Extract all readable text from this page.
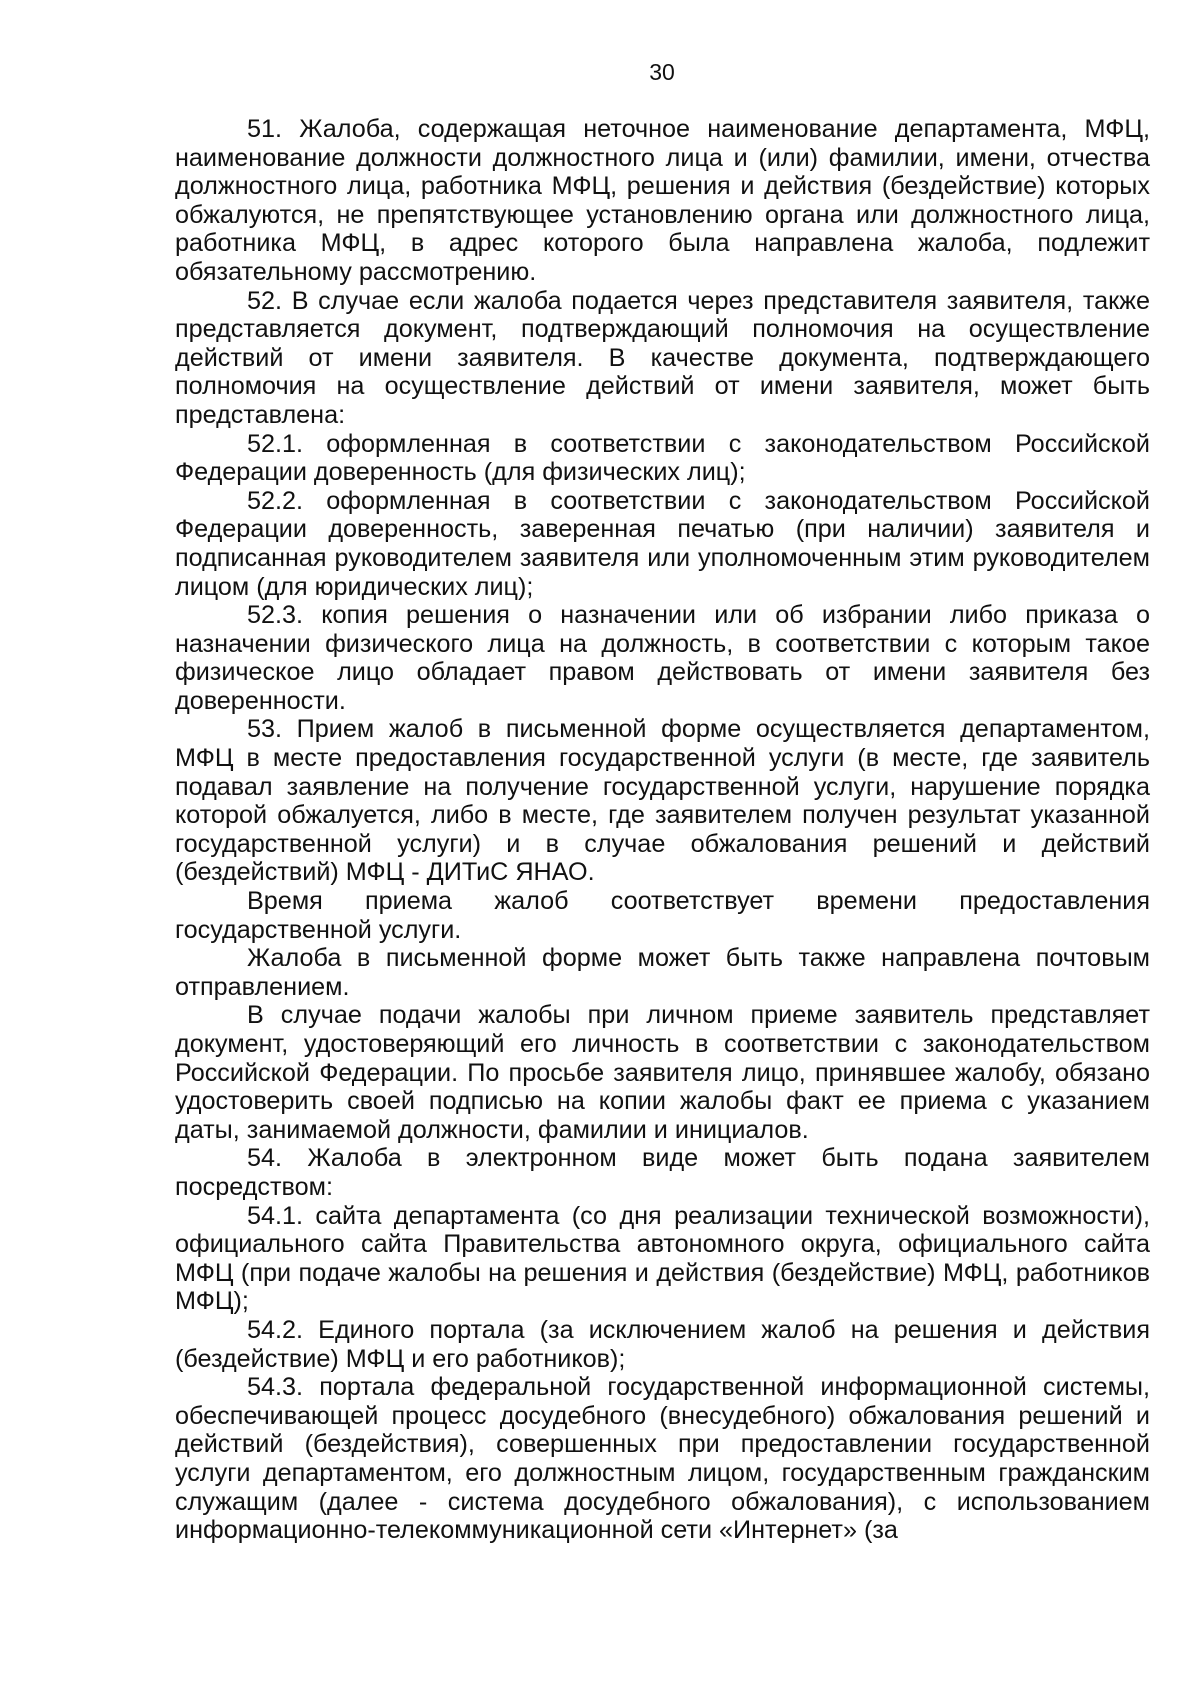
30

51. Жалоба, содержащая неточное наименование департамента, МФЦ, наименование должности должностного лица и (или) фамилии, имени, отчества должностного лица, работника МФЦ, решения и действия (бездействие) которых обжалуются, не препятствующее установлению органа или должностного лица, работника МФЦ, в адрес которого была направлена жалоба, подлежит обязательному рассмотрению.

52. В случае если жалоба подается через представителя заявителя, также представляется документ, подтверждающий полномочия на осуществление действий от имени заявителя. В качестве документа, подтверждающего полномочия на осуществление действий от имени заявителя, может быть представлена:

52.1. оформленная в соответствии с законодательством Российской Федерации доверенность (для физических лиц);

52.2. оформленная в соответствии с законодательством Российской Федерации доверенность, заверенная печатью (при наличии) заявителя и подписанная руководителем заявителя или уполномоченным этим руководителем лицом (для юридических лиц);

52.3. копия решения о назначении или об избрании либо приказа о назначении физического лица на должность, в соответствии с которым такое физическое лицо обладает правом действовать от имени заявителя без доверенности.

53. Прием жалоб в письменной форме осуществляется департаментом, МФЦ в месте предоставления государственной услуги (в месте, где заявитель подавал заявление на получение государственной услуги, нарушение порядка которой обжалуется, либо в месте, где заявителем получен результат указанной государственной услуги) и в случае обжалования решений и действий (бездействий) МФЦ - ДИТиС ЯНАО.

Время приема жалоб соответствует времени предоставления государственной услуги.

Жалоба в письменной форме может быть также направлена почтовым отправлением.

В случае подачи жалобы при личном приеме заявитель представляет документ, удостоверяющий его личность в соответствии с законодательством Российской Федерации. По просьбе заявителя лицо, принявшее жалобу, обязано удостоверить своей подписью на копии жалобы факт ее приема с указанием даты, занимаемой должности, фамилии и инициалов.

54. Жалоба в электронном виде может быть подана заявителем посредством:

54.1. сайта департамента (со дня реализации технической возможности), официального сайта Правительства автономного округа, официального сайта МФЦ (при подаче жалобы на решения и действия (бездействие) МФЦ, работников МФЦ);

54.2. Единого портала (за исключением жалоб на решения и действия (бездействие) МФЦ и его работников);

54.3. портала федеральной государственной информационной системы, обеспечивающей процесс досудебного (внесудебного) обжалования решений и действий (бездействия), совершенных при предоставлении государственной услуги департаментом, его должностным лицом, государственным гражданским служащим (далее - система досудебного обжалования), с использованием информационно-телекоммуникационной сети «Интернет» (за
